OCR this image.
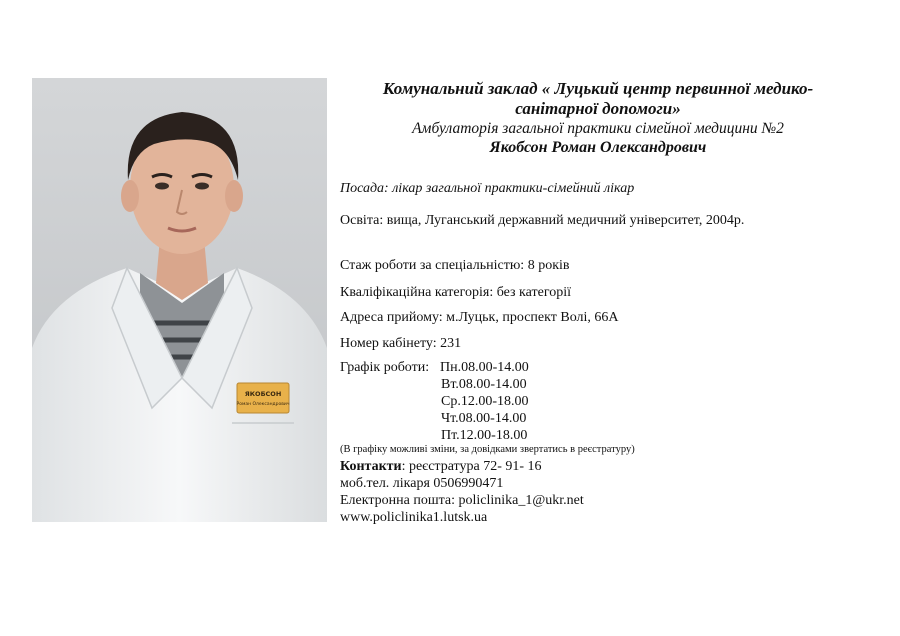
ЯКОБСОН
Роман Олександрович

Комунальний заклад « Луцький центр первинної медико-

санітарної допомоги»

Амбулаторія загальної практики сімейної медицини №2

Якобсон Роман Олександрович

Посада: лікар загальної практики-сімейний лікар
Освіта: вища, Луганський державний медичний університет, 2004р.
Стаж роботи за спеціальністю: 8 років
Кваліфікаційна категорія: без категорії
Адреса прийому: м.Луцьк, проспект Волі, 66А
Номер кабінету: 231
Графік роботи: Пн.08.00-14.00
Вт.08.00-14.00
Ср.12.00-18.00
Чт.08.00-14.00
Пт.12.00-18.00
(В графіку можливі зміни, за довідками звертатись в реєстратуру)
Контакти: реєстратура 72- 91- 16
моб.тел. лікаря 0506990471
Електронна пошта: policlinika_1@ukr.net
www.policlinika1.lutsk.ua
